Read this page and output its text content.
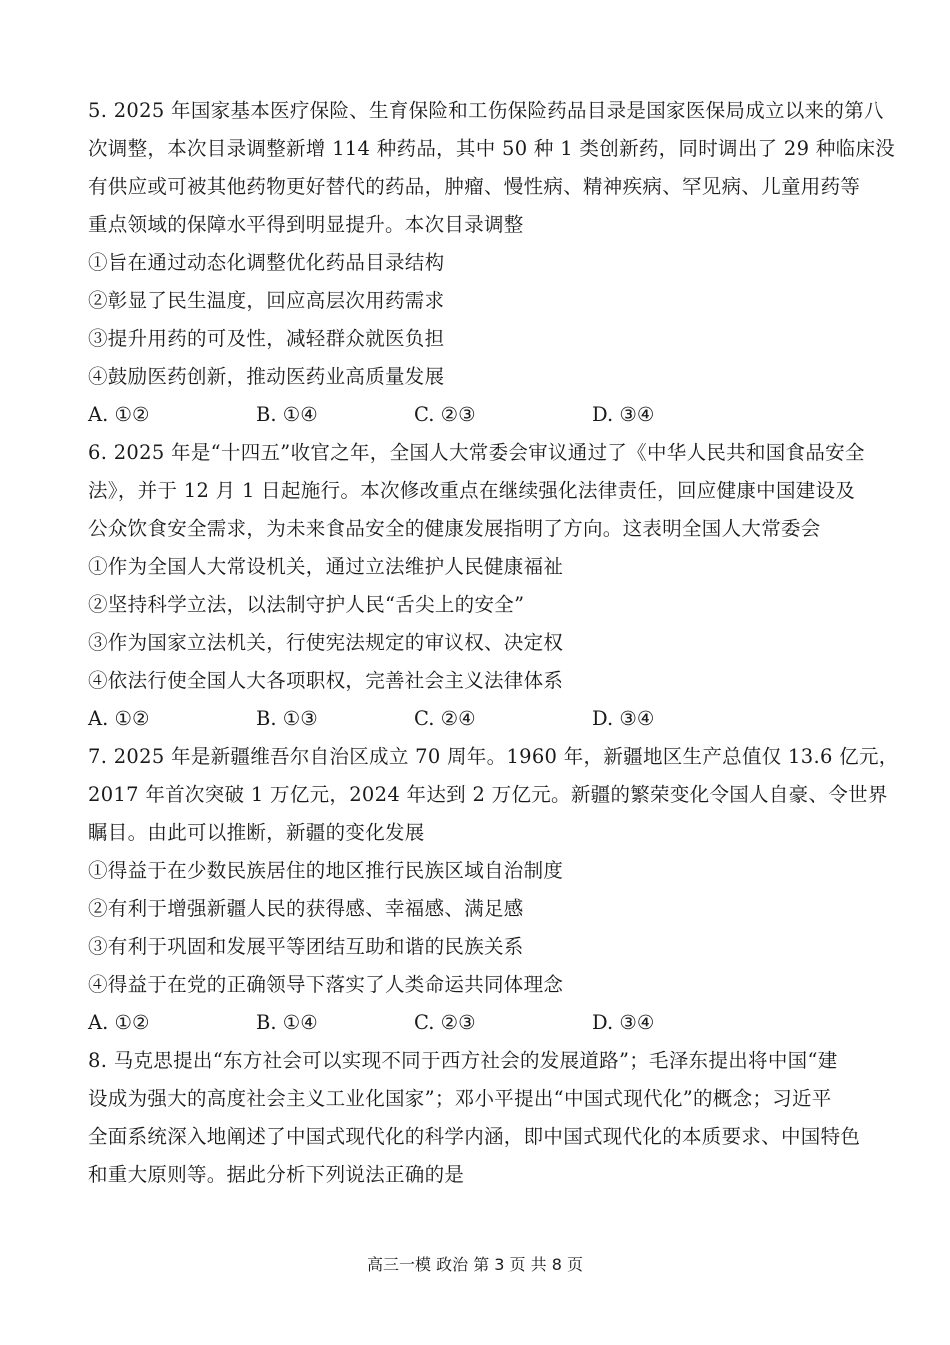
5. 2025 年国家基本医疗保险、生育保险和工伤保险药品目录是国家医保局成立以来的第八
次调整，本次目录调整新增 114 种药品，其中 50 种 1 类创新药，同时调出了 29 种临床没
有供应或可被其他药物更好替代的药品，肿瘤、慢性病、精神疾病、罕见病、儿童用药等
重点领域的保障水平得到明显提升。本次目录调整
①旨在通过动态化调整优化药品目录结构
②彰显了民生温度，回应高层次用药需求
③提升用药的可及性，减轻群众就医负担
④鼓励医药创新，推动医药业高质量发展
A. ①②	B. ①④	C. ②③	D. ③④
6. 2025 年是“十四五”收官之年，全国人大常委会审议通过了《中华人民共和国食品安全
法》，并于 12 月 1 日起施行。本次修改重点在继续强化法律责任，回应健康中国建设及
公众饮食安全需求，为未来食品安全的健康发展指明了方向。这表明全国人大常委会
①作为全国人大常设机关，通过立法维护人民健康福祉
②坚持科学立法，以法制守护人民“舌尖上的安全”
③作为国家立法机关，行使宪法规定的审议权、决定权
④依法行使全国人大各项职权，完善社会主义法律体系
A. ①②	B. ①③	C. ②④	D. ③④
7. 2025 年是新疆维吾尔自治区成立 70 周年。1960 年，新疆地区生产总值仅 13.6 亿元，
2017 年首次突破 1 万亿元，2024 年达到 2 万亿元。新疆的繁荣变化令国人自豪、令世界
瞩目。由此可以推断，新疆的变化发展
①得益于在少数民族居住的地区推行民族区域自治制度
②有利于增强新疆人民的获得感、幸福感、满足感
③有利于巩固和发展平等团结互助和谐的民族关系
④得益于在党的正确领导下落实了人类命运共同体理念
A. ①②	B. ①④	C. ②③	D. ③④
8. 马克思提出“东方社会可以实现不同于西方社会的发展道路”；毛泽东提出将中国“建
设成为强大的高度社会主义工业化国家”；邓小平提出“中国式现代化”的概念；习近平
全面系统深入地阐述了中国式现代化的科学内涵，即中国式现代化的本质要求、中国特色
和重大原则等。据此分析下列说法正确的是
高三一模 政治 第 3 页 共 8 页
